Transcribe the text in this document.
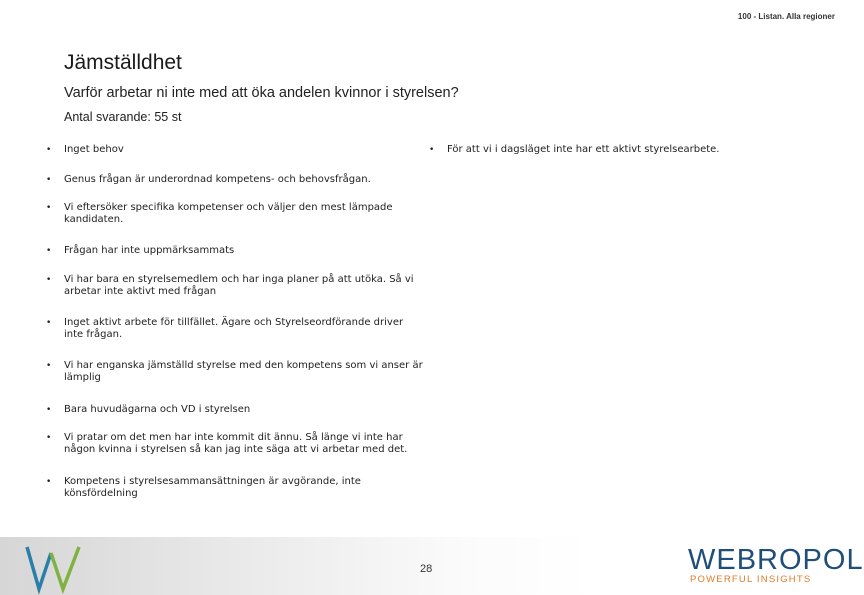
100 - Listan. Alla regioner
Jämställdhet
Varför arbetar ni inte med att öka andelen kvinnor i styrelsen?
Antal svarande: 55 st
• Inget behov
• Genus frågan är underordnad kompetens- och behovsfrågan.
• Vi eftersöker specifika kompetenser och väljer den mest lämpade kandidaten.
• Frågan har inte uppmärksammats
• Vi har bara en styrelsemedlem och har inga planer på att utöka. Så vi arbetar inte aktivt med frågan
• Inget aktivt arbete för tillfället. Ägare och Styrelseordförande driver inte frågan.
• Vi har enganska jämställd styrelse med den kompetens som vi anser är lämplig
• Bara huvudägarna och VD i styrelsen
• Vi pratar om det men har inte kommit dit ännu. Så länge vi inte har någon kvinna i styrelsen så kan jag inte säga att vi arbetar med det.
• Kompetens i styrelsesammansättningen är avgörande, inte könsfördelning
• För att vi i dagsläget inte har ett aktivt styrelsearbete.
28	WEBROPOL
POWERFUL INSIGHTS
